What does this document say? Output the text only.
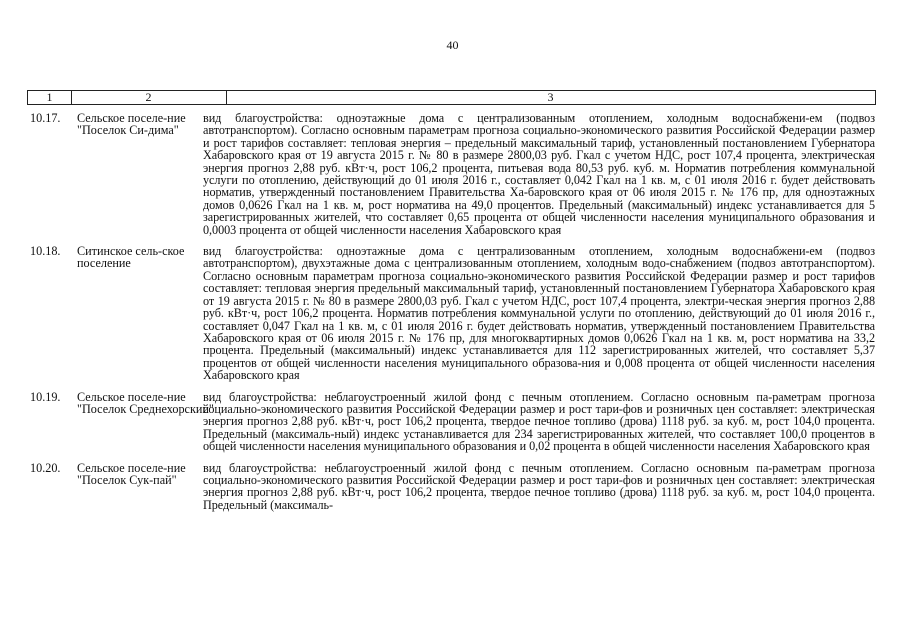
40
1	2	3
10.17.	Сельское поселе-ние "Поселок Си-дима"
вид благоустройства: одноэтажные дома с централизованным отоплением, холодным водоснабжени-ем (подвоз автотранспортом). Согласно основным параметрам прогноза социально-экономического развития Российской Федерации размер и рост тарифов составляет: тепловая энергия – предельный максимальный тариф, установленный постановлением Губернатора Хабаровского края от 19 августа 2015 г. № 80 в размере 2800,03 руб. Гкал с учетом НДС, рост 107,4 процента, электрическая энергия прогноз 2,88 руб. кВт·ч, рост 106,2 процента, питьевая вода 80,53 руб. куб. м. Норматив потребления коммунальной услуги по отоплению, действующий до 01 июля 2016 г., составляет 0,042 Гкал на 1 кв. м, с 01 июля 2016 г. будет действовать норматив, утвержденный постановлением Правительства Ха-баровского края от 06 июля 2015 г. № 176 пр, для одноэтажных домов 0,0626 Гкал на 1 кв. м, рост норматива на 49,0 процентов. Предельный (максимальный) индекс устанавливается для 5 зарегистрированных жителей, что составляет 0,65 процента от общей численности населения муниципального образования и 0,0003 процента от общей численности населения Хабаровского края
10.18.	Ситинское сель-ское поселение
вид благоустройства: одноэтажные дома с централизованным отоплением, холодным водоснабжени-ем (подвоз автотранспортом), двухэтажные дома с централизованным отоплением, холодным водо-снабжением (подвоз автотранспортом). Согласно основным параметрам прогноза социально-экономического развития Российской Федерации размер и рост тарифов составляет: тепловая энергия предельный максимальный тариф, установленный постановлением Губернатора Хабаровского края от 19 августа 2015 г. № 80 в размере 2800,03 руб. Гкал с учетом НДС, рост 107,4 процента, электри-ческая энергия прогноз 2,88 руб. кВт·ч, рост 106,2 процента. Норматив потребления коммунальной услуги по отоплению, действующий до 01 июля 2016 г., составляет 0,047 Гкал на 1 кв. м, с 01 июля 2016 г. будет действовать норматив, утвержденный постановлением Правительства Хабаровского края от 06 июля 2015 г. № 176 пр, для многоквартирных домов 0,0626 Гкал на 1 кв. м, рост норматива на 33,2 процента. Предельный (максимальный) индекс устанавливается для 112 зарегистрированных жителей, что составляет 5,37 процентов от общей численности населения муниципального образова-ния и 0,008 процента от общей численности населения Хабаровского края
10.19.	Сельское поселе-ние "Поселок Среднехорский"
вид благоустройства: неблагоустроенный жилой фонд с печным отоплением. Согласно основным па-раметрам прогноза социально-экономического развития Российской Федерации размер и рост тари-фов и розничных цен составляет: электрическая энергия прогноз 2,88 руб. кВт·ч, рост 106,2 процента, твердое печное топливо (дрова) 1118 руб. за куб. м, рост 104,0 процента. Предельный (максималь-ный) индекс устанавливается для 234 зарегистрированных жителей, что составляет 100,0 процентов в общей численности населения муниципального образования и 0,02 процента в общей численности населения Хабаровского края
10.20.	Сельское поселе-ние "Поселок Сук-пай"
вид благоустройства: неблагоустроенный жилой фонд с печным отоплением. Согласно основным па-раметрам прогноза социально-экономического развития Российской Федерации размер и рост тари-фов и розничных цен составляет: электрическая энергия прогноз 2,88 руб. кВт·ч, рост 106,2 процента, твердое печное топливо (дрова) 1118 руб. за куб. м, рост 104,0 процента. Предельный (максималь-
